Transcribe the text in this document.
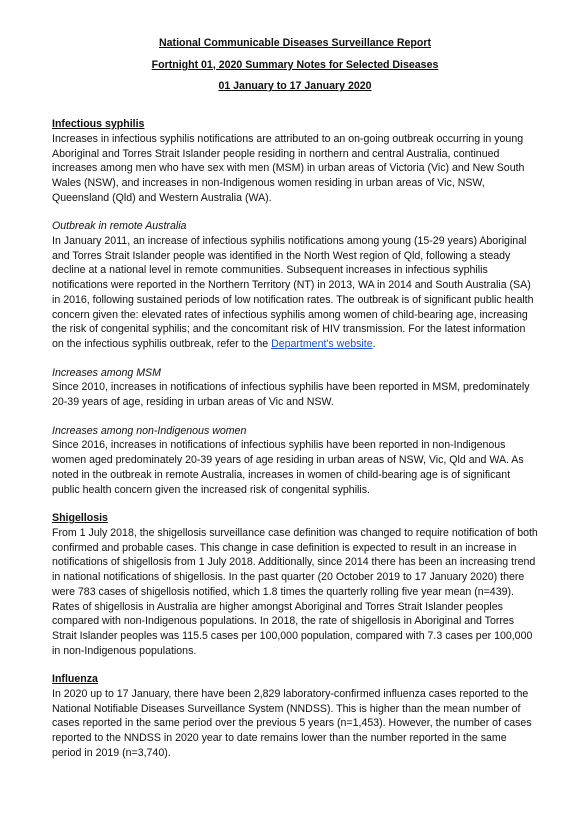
National Communicable Diseases Surveillance Report

Fortnight 01, 2020 Summary Notes for Selected Diseases

01 January to 17 January 2020

Infectious syphilis

Increases in infectious syphilis notifications are attributed to an on-going outbreak occurring in young Aboriginal and Torres Strait Islander people residing in northern and central Australia, continued increases among men who have sex with men (MSM) in urban areas of Victoria (Vic) and New South Wales (NSW), and increases in non-Indigenous women residing in urban areas of Vic, NSW, Queensland (Qld) and Western Australia (WA).

Outbreak in remote Australia

In January 2011, an increase of infectious syphilis notifications among young (15-29 years) Aboriginal and Torres Strait Islander people was identified in the North West region of Qld, following a steady decline at a national level in remote communities. Subsequent increases in infectious syphilis notifications were reported in the Northern Territory (NT) in 2013, WA in 2014 and South Australia (SA) in 2016, following sustained periods of low notification rates. The outbreak is of significant public health concern given the: elevated rates of infectious syphilis among women of child-bearing age, increasing the risk of congenital syphilis; and the concomitant risk of HIV transmission. For the latest information on the infectious syphilis outbreak, refer to the Department's website.

Increases among MSM

Since 2010, increases in notifications of infectious syphilis have been reported in MSM, predominately 20-39 years of age, residing in urban areas of Vic and NSW.

Increases among non-Indigenous women

Since 2016, increases in notifications of infectious syphilis have been reported in non-Indigenous women aged predominately 20-39 years of age residing in urban areas of NSW, Vic, Qld and WA. As noted in the outbreak in remote Australia, increases in women of child-bearing age is of significant public health concern given the increased risk of congenital syphilis.

Shigellosis

From 1 July 2018, the shigellosis surveillance case definition was changed to require notification of both confirmed and probable cases. This change in case definition is expected to result in an increase in notifications of shigellosis from 1 July 2018. Additionally, since 2014 there has been an increasing trend in national notifications of shigellosis. In the past quarter (20 October 2019 to 17 January 2020) there were 783 cases of shigellosis notified, which 1.8 times the quarterly rolling five year mean (n=439). Rates of shigellosis in Australia are higher amongst Aboriginal and Torres Strait Islander peoples compared with non-Indigenous populations. In 2018, the rate of shigellosis in Aboriginal and Torres Strait Islander peoples was 115.5 cases per 100,000 population, compared with 7.3 cases per 100,000 in non-Indigenous populations.

Influenza

In 2020 up to 17 January, there have been 2,829 laboratory-confirmed influenza cases reported to the National Notifiable Diseases Surveillance System (NNDSS). This is higher than the mean number of cases reported in the same period over the previous 5 years (n=1,453). However, the number of cases reported to the NNDSS in 2020 year to date remains lower than the number reported in the same period in 2019 (n=3,740).
